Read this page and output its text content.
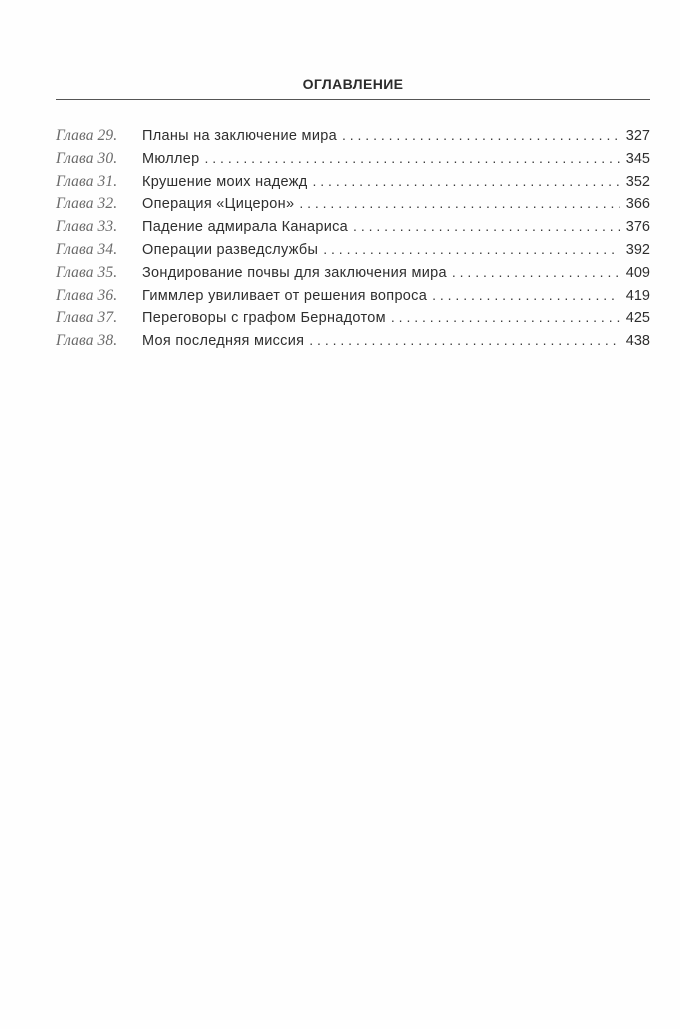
ОГЛАВЛЕНИЕ
Глава 29.	Планы на заключение мира . . .	327
Глава 30.	Мюллер . . .	345
Глава 31.	Крушение моих надежд . . .	352
Глава 32.	Операция «Цицерон» . . .	366
Глава 33.	Падение адмирала Канариса . . .	376
Глава 34.	Операции разведслужбы . . .	392
Глава 35.	Зондирование почвы для заключения мира . . .	409
Глава 36.	Гиммлер увиливает от решения вопроса . . .	419
Глава 37.	Переговоры с графом Бернадотом . . .	425
Глава 38.	Моя последняя миссия . . .	438
